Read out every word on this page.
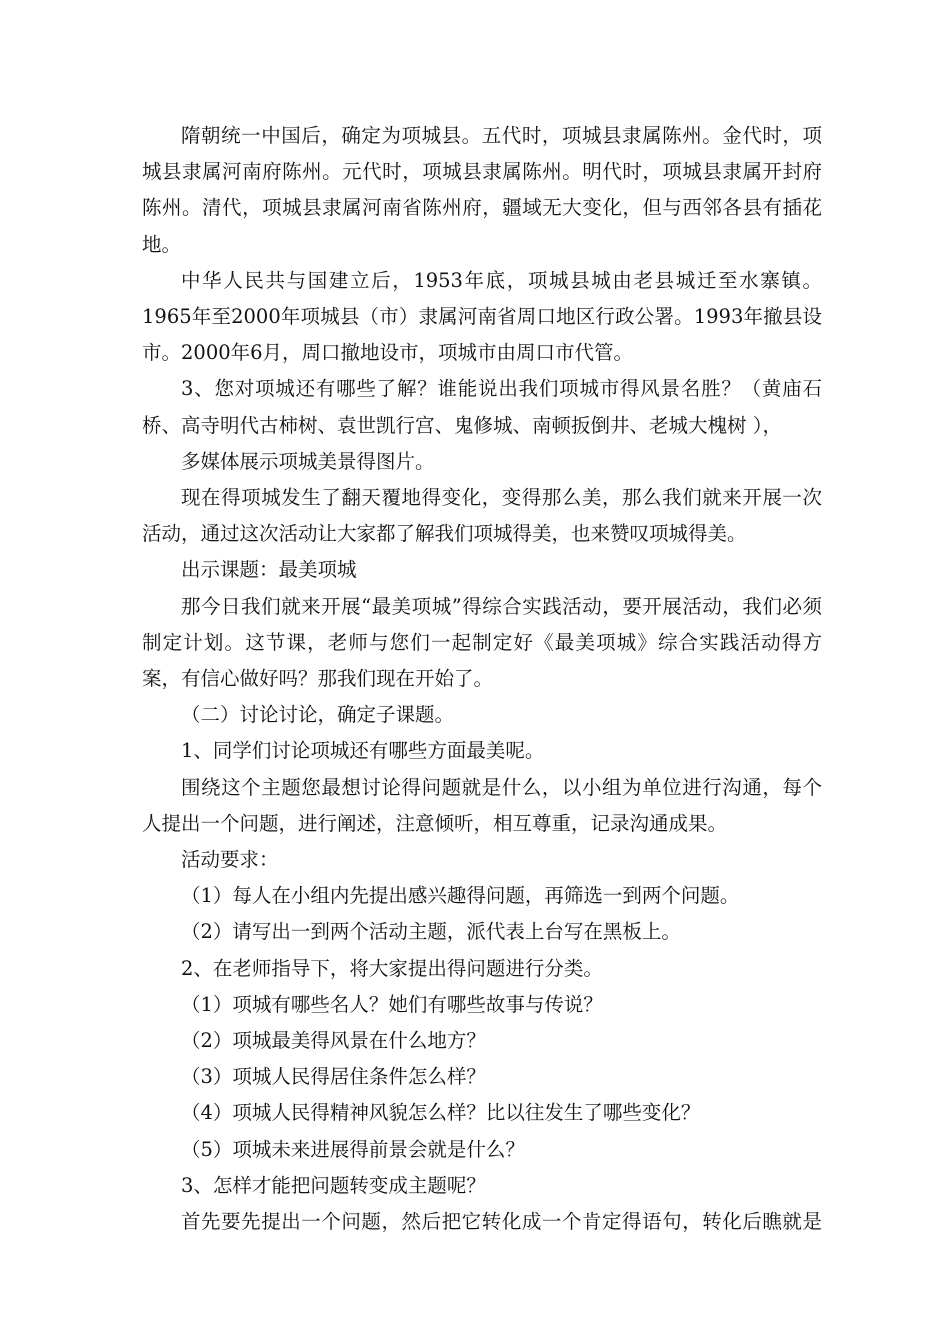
隋朝统一中国后，确定为项城县。五代时，项城县隶属陈州。金代时，项城县隶属河南府陈州。元代时，项城县隶属陈州。明代时，项城县隶属开封府陈州。清代，项城县隶属河南省陈州府，疆域无大变化，但与西邻各县有插花地。

中华人民共与国建立后，1953年底，项城县城由老县城迁至水寨镇。1965年至2000年项城县（市）隶属河南省周口地区行政公署。1993年撤县设市。2000年6月，周口撤地设市，项城市由周口市代管。

3、您对项城还有哪些了解？谁能说出我们项城市得风景名胜？（黄庙石桥、高寺明代古柿树、袁世凯行宫、鬼修城、南顿扳倒井、老城大槐树 ），

多媒体展示项城美景得图片。

现在得项城发生了翻天覆地得变化，变得那么美，那么我们就来开展一次活动，通过这次活动让大家都了解我们项城得美，也来赞叹项城得美。

出示课题：最美项城

那今日我们就来开展“最美项城”得综合实践活动，要开展活动，我们必须制定计划。这节课，老师与您们一起制定好《最美项城》综合实践活动得方案，有信心做好吗？那我们现在开始了。

（二）讨论讨论，确定子课题。

1、同学们讨论项城还有哪些方面最美呢。

围绕这个主题您最想讨论得问题就是什么，以小组为单位进行沟通，每个人提出一个问题，进行阐述，注意倾听，相互尊重，记录沟通成果。

活动要求：

（1）每人在小组内先提出感兴趣得问题，再筛选一到两个问题。

（2）请写出一到两个活动主题，派代表上台写在黑板上。

2、在老师指导下，将大家提出得问题进行分类。

（1）项城有哪些名人？她们有哪些故事与传说？

（2）项城最美得风景在什么地方？

（3）项城人民得居住条件怎么样？

（4）项城人民得精神风貌怎么样？比以往发生了哪些变化？

（5）项城未来进展得前景会就是什么？

3、怎样才能把问题转变成主题呢？

首先要先提出一个问题，然后把它转化成一个肯定得语句，转化后瞧就是
